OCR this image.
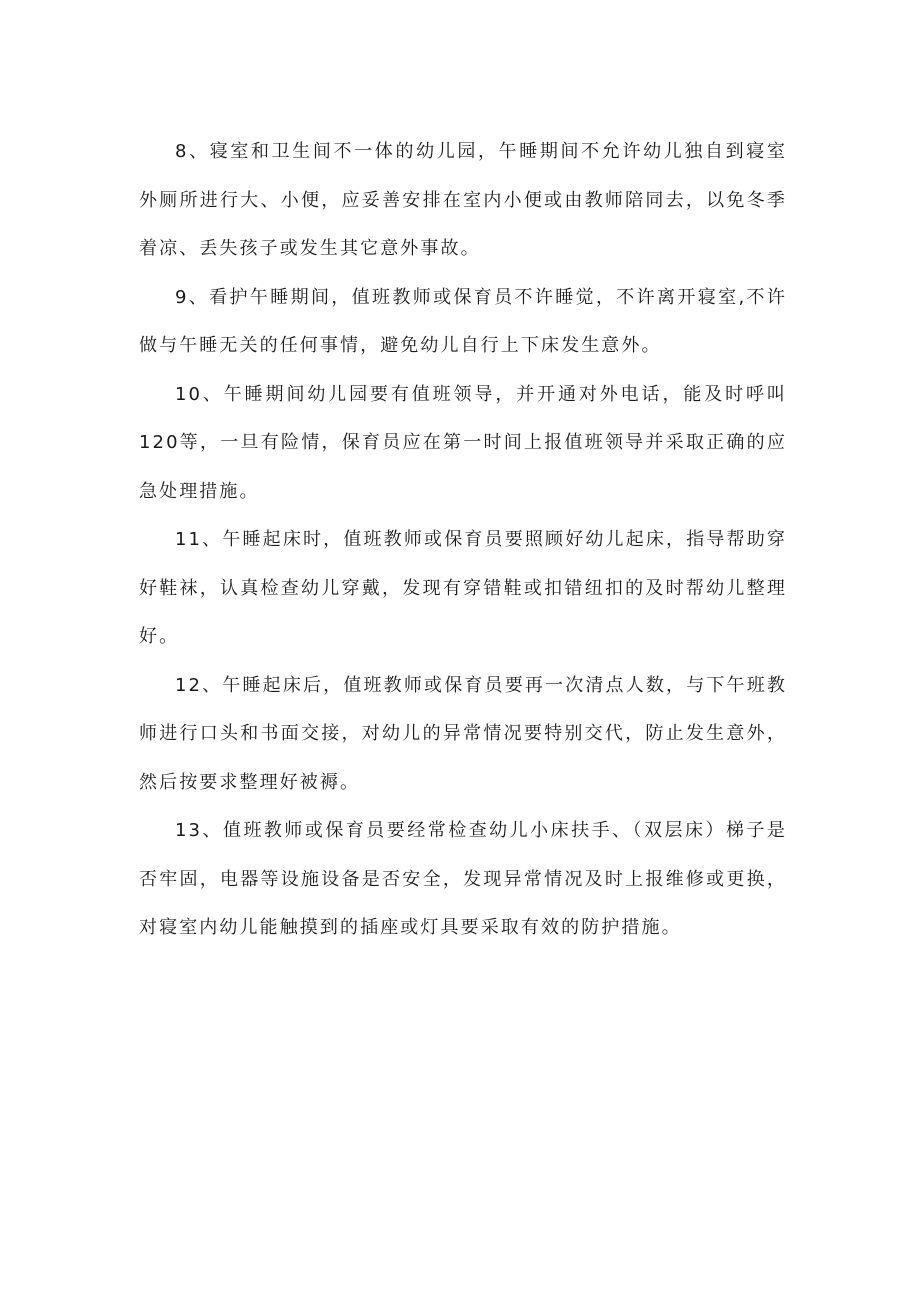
8、寝室和卫生间不一体的幼儿园，午睡期间不允许幼儿独自到寝室外厕所进行大、小便，应妥善安排在室内小便或由教师陪同去，以免冬季着凉、丢失孩子或发生其它意外事故。

9、看护午睡期间，值班教师或保育员不许睡觉，不许离开寝室,不许做与午睡无关的任何事情，避免幼儿自行上下床发生意外。

10、午睡期间幼儿园要有值班领导，并开通对外电话，能及时呼叫120等，一旦有险情，保育员应在第一时间上报值班领导并采取正确的应急处理措施。

11、午睡起床时，值班教师或保育员要照顾好幼儿起床，指导帮助穿好鞋袜，认真检查幼儿穿戴，发现有穿错鞋或扣错纽扣的及时帮幼儿整理好。

12、午睡起床后，值班教师或保育员要再一次清点人数，与下午班教师进行口头和书面交接，对幼儿的异常情况要特别交代，防止发生意外，然后按要求整理好被褥。

13、值班教师或保育员要经常检查幼儿小床扶手、（双层床）梯子是否牢固，电器等设施设备是否安全，发现异常情况及时上报维修或更换，对寝室内幼儿能触摸到的插座或灯具要采取有效的防护措施。
